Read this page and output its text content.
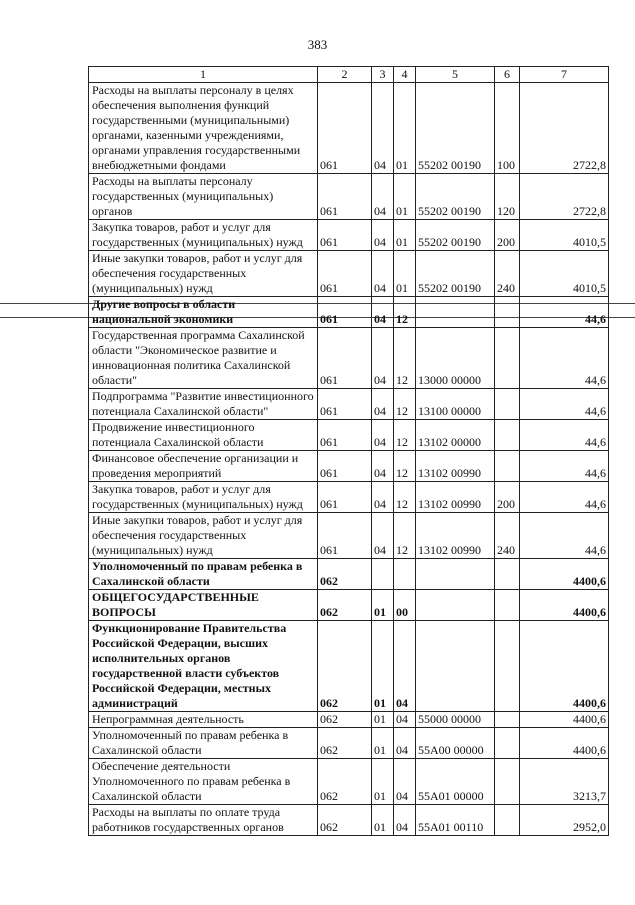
383
1	2	3	4	5	6	7
Расходы на выплаты персоналу в целях обеспечения выполнения функций государственными (муниципальными) органами, казенными учреждениями, органами управления государственными внебюджетными фондами	061	04	01	55202 00190	100	2722,8
Расходы на выплаты персоналу государственных (муниципальных) органов	061	04	01	55202 00190	120	2722,8
Закупка товаров, работ и услуг для государственных (муниципальных) нужд	061	04	01	55202 00190	200	4010,5
Иные закупки товаров, работ и услуг для обеспечения государственных (муниципальных) нужд	061	04	01	55202 00190	240	4010,5
Другие вопросы в области национальной экономики	061	04	12			44,6
Государственная программа Сахалинской области "Экономическое развитие и инновационная политика Сахалинской области"	061	04	12	13000 00000		44,6
Подпрограмма "Развитие инвестиционного потенциала Сахалинской области"	061	04	12	13100 00000		44,6
Продвижение инвестиционного потенциала Сахалинской области	061	04	12	13102 00000		44,6
Финансовое обеспечение организации и проведения мероприятий	061	04	12	13102 00990		44,6
Закупка товаров, работ и услуг для государственных (муниципальных) нужд	061	04	12	13102 00990	200	44,6
Иные закупки товаров, работ и услуг для обеспечения государственных (муниципальных) нужд	061	04	12	13102 00990	240	44,6
Уполномоченный по правам ребенка в Сахалинской области	062					4400,6
ОБЩЕГОСУДАРСТВЕННЫЕ ВОПРОСЫ	062	01	00			4400,6
Функционирование Правительства Российской Федерации, высших исполнительных органов государственной власти субъектов Российской Федерации, местных администраций	062	01	04			4400,6
Непрограммная деятельность	062	01	04	55000 00000		4400,6
Уполномоченный по правам ребенка в Сахалинской области	062	01	04	55А00 00000		4400,6
Обеспечение деятельности Уполномоченного по правам ребенка в Сахалинской области	062	01	04	55А01 00000		3213,7
Расходы на выплаты по оплате труда работников государственных органов	062	01	04	55А01 00110		2952,0
